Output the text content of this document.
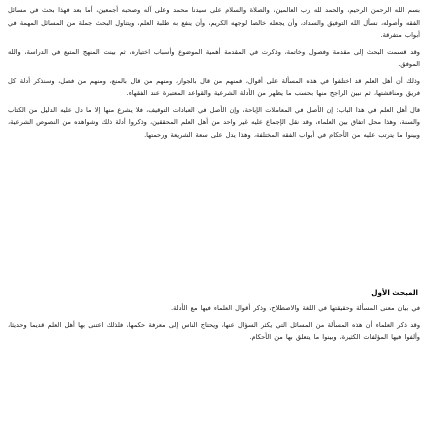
بسم الله الرحمن الرحيم، والحمد لله رب العالمين، والصلاة والسلام على سيدنا محمد وعلى آله وصحبه أجمعين، أما بعد فهذا بحث في مسائل الفقه وأصوله، نسأل الله التوفيق والسداد، وأن يجعله خالصا لوجهه الكريم، وأن ينفع به طلبة العلم، ويتناول البحث جملة من المسائل المهمة في أبواب متفرقة.

وقد قسمت البحث إلى مقدمة وفصول وخاتمة، وذكرت في المقدمة أهمية الموضوع وأسباب اختياره، ثم بينت المنهج المتبع في الدراسة، والله الموفق.

وذلك أن أهل العلم قد اختلفوا في هذه المسألة على أقوال، فمنهم من قال بالجواز، ومنهم من قال بالمنع، ومنهم من فصل، وسنذكر أدلة كل فريق ومناقشتها، ثم نبين الراجح منها بحسب ما يظهر من الأدلة الشرعية والقواعد المعتبرة عند الفقهاء.

قال أهل العلم في هذا الباب: إن الأصل في المعاملات الإباحة، وإن الأصل في العبادات التوقيف، فلا يشرع منها إلا ما دل عليه الدليل من الكتاب والسنة، وهذا محل اتفاق بين العلماء، وقد نقل الإجماع عليه غير واحد من أهل العلم المحققين، وذكروا أدلة ذلك وشواهده من النصوص الشرعية، وبينوا ما يترتب عليه من الأحكام في أبواب الفقه المختلفة، وهذا يدل على سعة الشريعة ورحمتها.

المبحث الأول

في بيان معنى المسألة وحقيقتها في اللغة والاصطلاح، وذكر أقوال العلماء فيها مع الأدلة.

وقد ذكر العلماء أن هذه المسألة من المسائل التي يكثر السؤال عنها، ويحتاج الناس إلى معرفة حكمها، فلذلك اعتنى بها أهل العلم قديما وحديثا، وألفوا فيها المؤلفات الكثيرة، وبينوا ما يتعلق بها من الأحكام.
